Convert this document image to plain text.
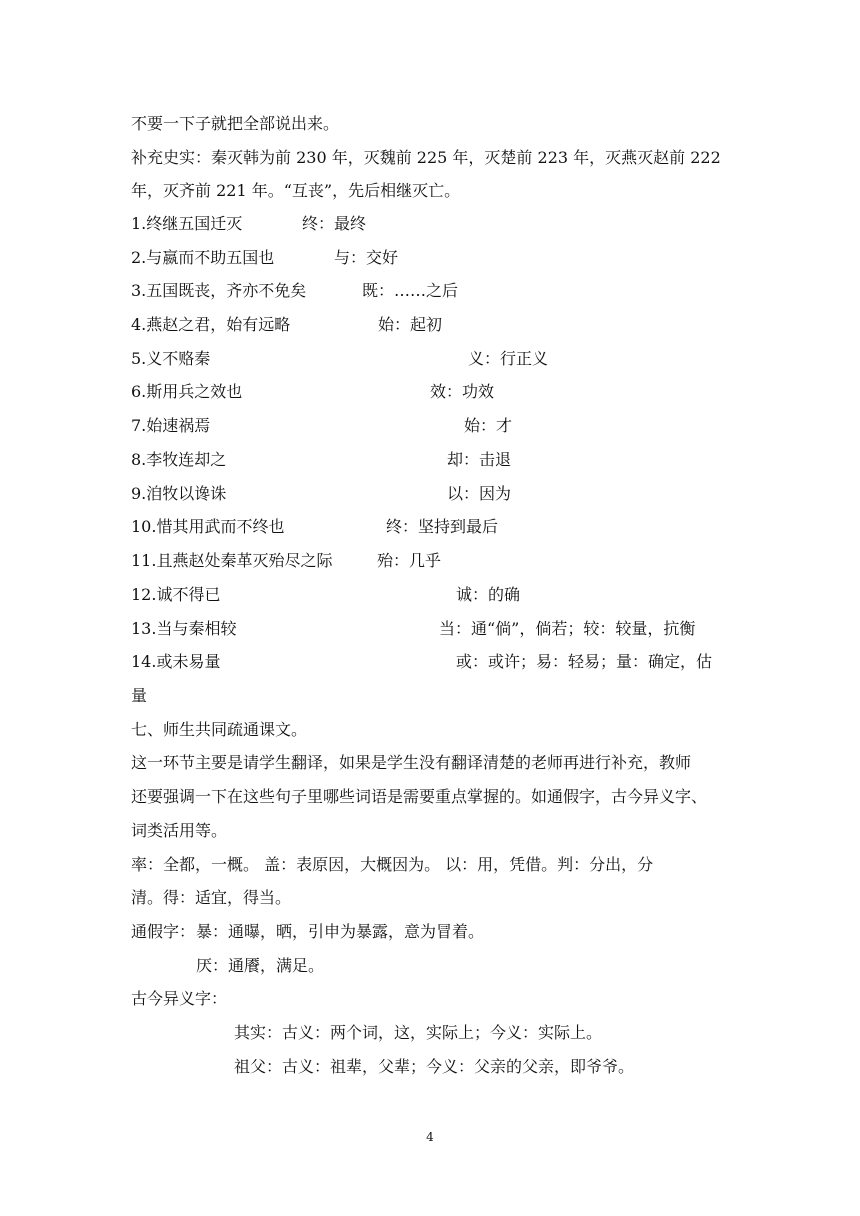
不要一下子就把全部说出来。
补充史实：秦灭韩为前 230 年，灭魏前 225 年，灭楚前 223 年，灭燕灭赵前 222
年，灭齐前 221 年。“互丧”，先后相继灭亡。
1.终继五国迁灭	终：最终
2.与嬴而不助五国也	与：交好
3.五国既丧，齐亦不免矣	既：……之后
4.燕赵之君，始有远略	始：起初
5.义不赂秦	义：行正义
6.斯用兵之效也	效：功效
7.始速祸焉	始：才
8.李牧连却之	却：击退
9.洎牧以谗诛	以：因为
10.惜其用武而不终也	终：坚持到最后
11.且燕赵处秦革灭殆尽之际	殆：几乎
12.诚不得已	诚：的确
13.当与秦相较	当：通“倘”，倘若；较：较量，抗衡
14.或未易量	或：或许；易：轻易；量：确定，估
量
七、师生共同疏通课文。
这一环节主要是请学生翻译，如果是学生没有翻译清楚的老师再进行补充，教师
还要强调一下在这些句子里哪些词语是需要重点掌握的。如通假字，古今异义字、
词类活用等。
率：全都，一概。 盖：表原因，大概因为。 以：用，凭借。判：分出，分
清。得：适宜，得当。
通假字： 暴：通曝，晒，引申为暴露，意为冒着。
厌：通餍，满足。
古今异义字：
其实：古义：两个词，这，实际上；今义：实际上。
祖父：古义：祖辈，父辈；今义：父亲的父亲，即爷爷。
4
